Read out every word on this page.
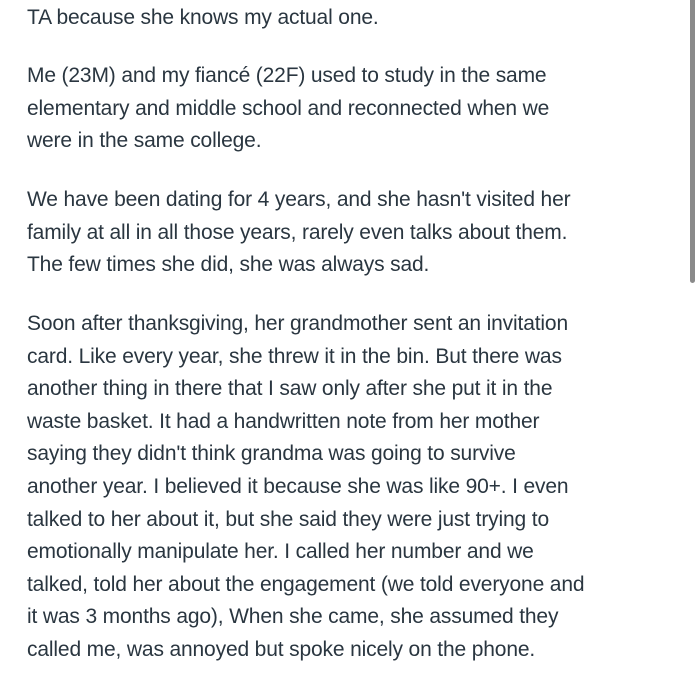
TA because she knows my actual one.

Me (23M) and my fiancé (22F) used to study in the same
elementary and middle school and reconnected when we
were in the same college.

We have been dating for 4 years, and she hasn't visited her
family at all in all those years, rarely even talks about them.
The few times she did, she was always sad.

Soon after thanksgiving, her grandmother sent an invitation
card. Like every year, she threw it in the bin. But there was
another thing in there that I saw only after she put it in the
waste basket. It had a handwritten note from her mother
saying they didn't think grandma was going to survive
another year. I believed it because she was like 90+. I even
talked to her about it, but she said they were just trying to
emotionally manipulate her. I called her number and we
talked, told her about the engagement (we told everyone and
it was 3 months ago), When she came, she assumed they
called me, was annoyed but spoke nicely on the phone.
